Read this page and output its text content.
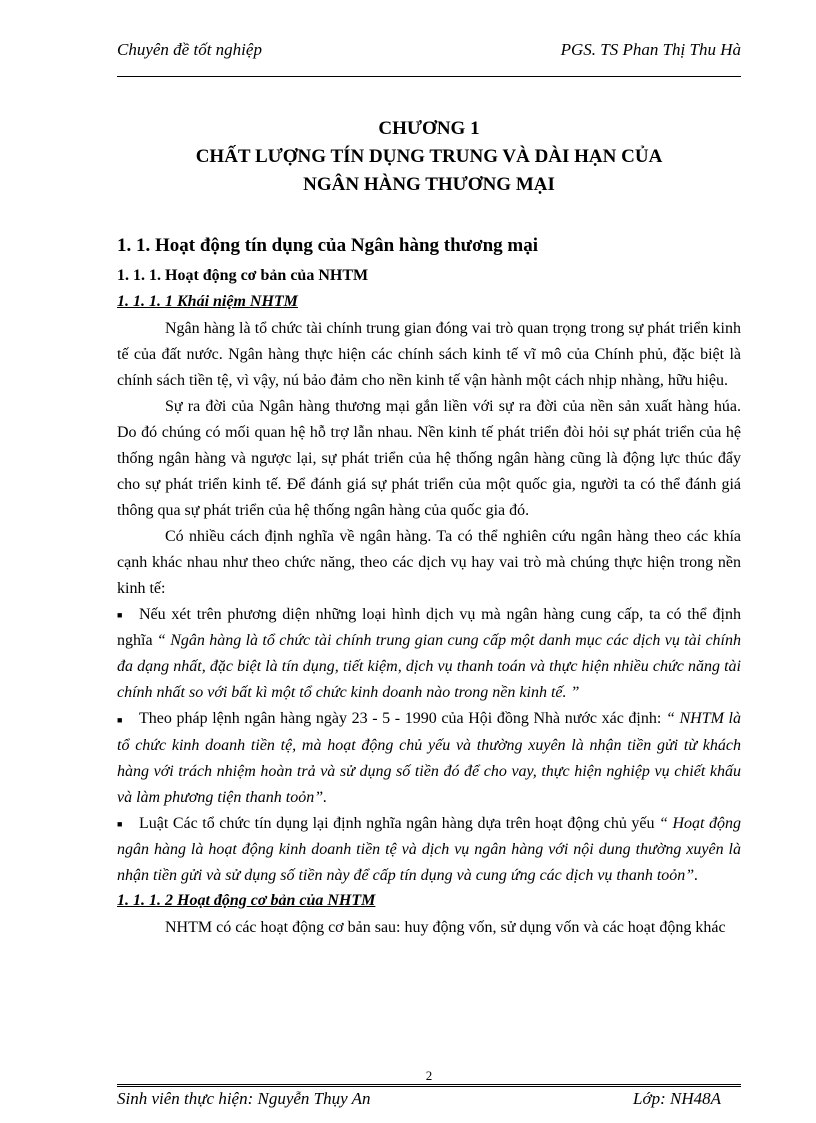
Chuyên đề tốt nghiệp	PGS. TS Phan Thị Thu Hà
CHƯƠNG 1
CHẤT LƯỢNG TÍN DỤNG TRUNG VÀ DÀI HẠN CỦA
NGÂN HÀNG THƯƠNG MẠI
1. 1. Hoạt động tín dụng của Ngân hàng thương mại
1. 1. 1. Hoạt động cơ bản của NHTM
1. 1. 1. 1 Khái niệm NHTM

Ngân hàng là tổ chức tài chính trung gian đóng vai trò quan trọng trong sự phát triển kinh tế của đất nước. Ngân hàng thực hiện các chính sách kinh tế vĩ mô của Chính phủ, đặc biệt là chính sách tiền tệ, vì vậy, nú bảo đảm cho nền kinh tế vận hành một cách nhịp nhàng, hữu hiệu.

Sự ra đời của Ngân hàng thương mại gắn liền với sự ra đời của nền sản xuất hàng húa. Do đó chúng có mối quan hệ hỗ trợ lẫn nhau. Nền kinh tế phát triển đòi hỏi sự phát triển của hệ thống ngân hàng và ngược lại, sự phát triển của hệ thống ngân hàng cũng là động lực thúc đẩy cho sự phát triển kinh tế. Để đánh giá sự phát triển của một quốc gia, người ta có thể đánh giá thông qua sự phát triển của hệ thống ngân hàng của quốc gia đó.

Có nhiều cách định nghĩa về ngân hàng. Ta có thể nghiên cứu ngân hàng theo các khía cạnh khác nhau như theo chức năng, theo các dịch vụ hay vai trò mà chúng thực hiện trong nền kinh tế:

■ Nếu xét trên phương diện những loại hình dịch vụ mà ngân hàng cung cấp, ta có thể định nghĩa “ Ngân hàng là tổ chức tài chính trung gian cung cấp một danh mục các dịch vụ tài chính đa dạng nhất, đặc biệt là tín dụng, tiết kiệm, dịch vụ thanh toán và thực hiện nhiều chức năng tài chính nhất so với bất kì một tổ chức kinh doanh nào trong nền kinh tế. ”

■ Theo pháp lệnh ngân hàng ngày 23 - 5 - 1990 của Hội đồng Nhà nước xác định: “ NHTM là tổ chức kinh doanh tiền tệ, mà hoạt động chủ yếu và thường xuyên là nhận tiền gửi từ khách hàng với trách nhiệm hoàn trả và sử dụng số tiền đó để cho vay, thực hiện nghiệp vụ chiết khấu và làm phương tiện thanh toỏn”.

■ Luật Các tổ chức tín dụng lại định nghĩa ngân hàng dựa trên hoạt động chủ yếu “ Hoạt động ngân hàng là hoạt động kinh doanh tiền tệ và dịch vụ ngân hàng với nội dung thường xuyên là nhận tiền gửi và sử dụng số tiền này để cấp tín dụng và cung ứng các dịch vụ thanh toỏn”.

1. 1. 1. 2 Hoạt động cơ bản của NHTM

NHTM có các hoạt động cơ bản sau: huy động vốn, sử dụng vốn và các hoạt động khác

2
Sinh viên thực hiện: Nguyễn Thụy An	Lớp: NH48A
